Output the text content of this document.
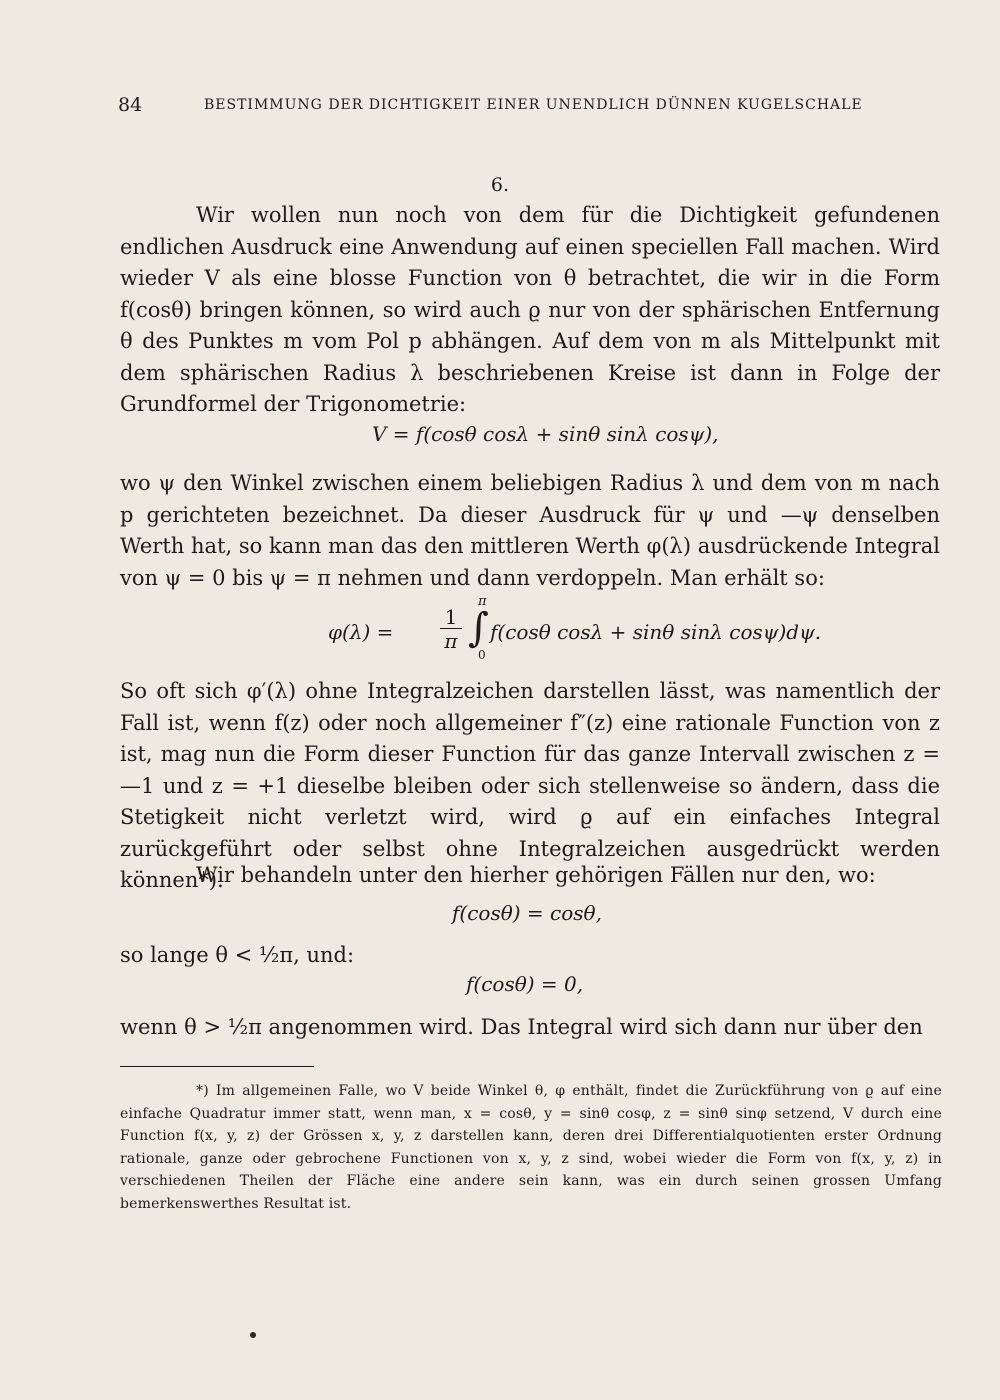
84	BESTIMMUNG DER DICHTIGKEIT EINER UNENDLICH DÜNNEN KUGELSCHALE
6.
Wir wollen nun noch von dem für die Dichtigkeit gefundenen endlichen Ausdruck eine Anwendung auf einen speciellen Fall machen. Wird wieder V als eine blosse Function von θ betrachtet, die wir in die Form f(cosθ) bringen können, so wird auch ϱ nur von der sphärischen Entfernung θ des Punktes m vom Pol p abhängen. Auf dem von m als Mittelpunkt mit dem sphärischen Radius λ beschriebenen Kreise ist dann in Folge der Grundformel der Trigonometrie:
V = f(cosθ cosλ + sinθ sinλ cosψ),
wo ψ den Winkel zwischen einem beliebigen Radius λ und dem von m nach p gerichteten bezeichnet. Da dieser Ausdruck für ψ und —ψ denselben Werth hat, so kann man das den mittleren Werth φ(λ) ausdrückende Integral von ψ = 0 bis ψ = π nehmen und dann verdoppeln. Man erhält so:
$\varphi(\lambda) = \frac{1}{\pi}$ ∫
π
0
f(cosθ cosλ + sinθ sinλ cosψ)dψ.
So oft sich φ′(λ) ohne Integralzeichen darstellen lässt, was namentlich der Fall ist, wenn f(z) oder noch allgemeiner f″(z) eine rationale Function von z ist, mag nun die Form dieser Function für das ganze Intervall zwischen z = —1 und z = +1 dieselbe bleiben oder sich stellenweise so ändern, dass die Stetigkeit nicht verletzt wird, wird ϱ auf ein einfaches Integral zurückgeführt oder selbst ohne Integralzeichen ausgedrückt werden können*).
Wir behandeln unter den hierher gehörigen Fällen nur den, wo:
f(cosθ) = cosθ,
so lange θ < ½π, und:
f(cosθ) = 0,
wenn θ > ½π angenommen wird. Das Integral wird sich dann nur über den
*) Im allgemeinen Falle, wo V beide Winkel θ, φ enthält, findet die Zurückführung von ϱ auf eine einfache Quadratur immer statt, wenn man, x = cosθ, y = sinθ cosφ, z = sinθ sinφ setzend, V durch eine Function f(x, y, z) der Grössen x, y, z darstellen kann, deren drei Differentialquotienten erster Ordnung rationale, ganze oder gebrochene Functionen von x, y, z sind, wobei wieder die Form von f(x, y, z) in verschiedenen Theilen der Fläche eine andere sein kann, was ein durch seinen grossen Umfang bemerkenswerthes Resultat ist.
